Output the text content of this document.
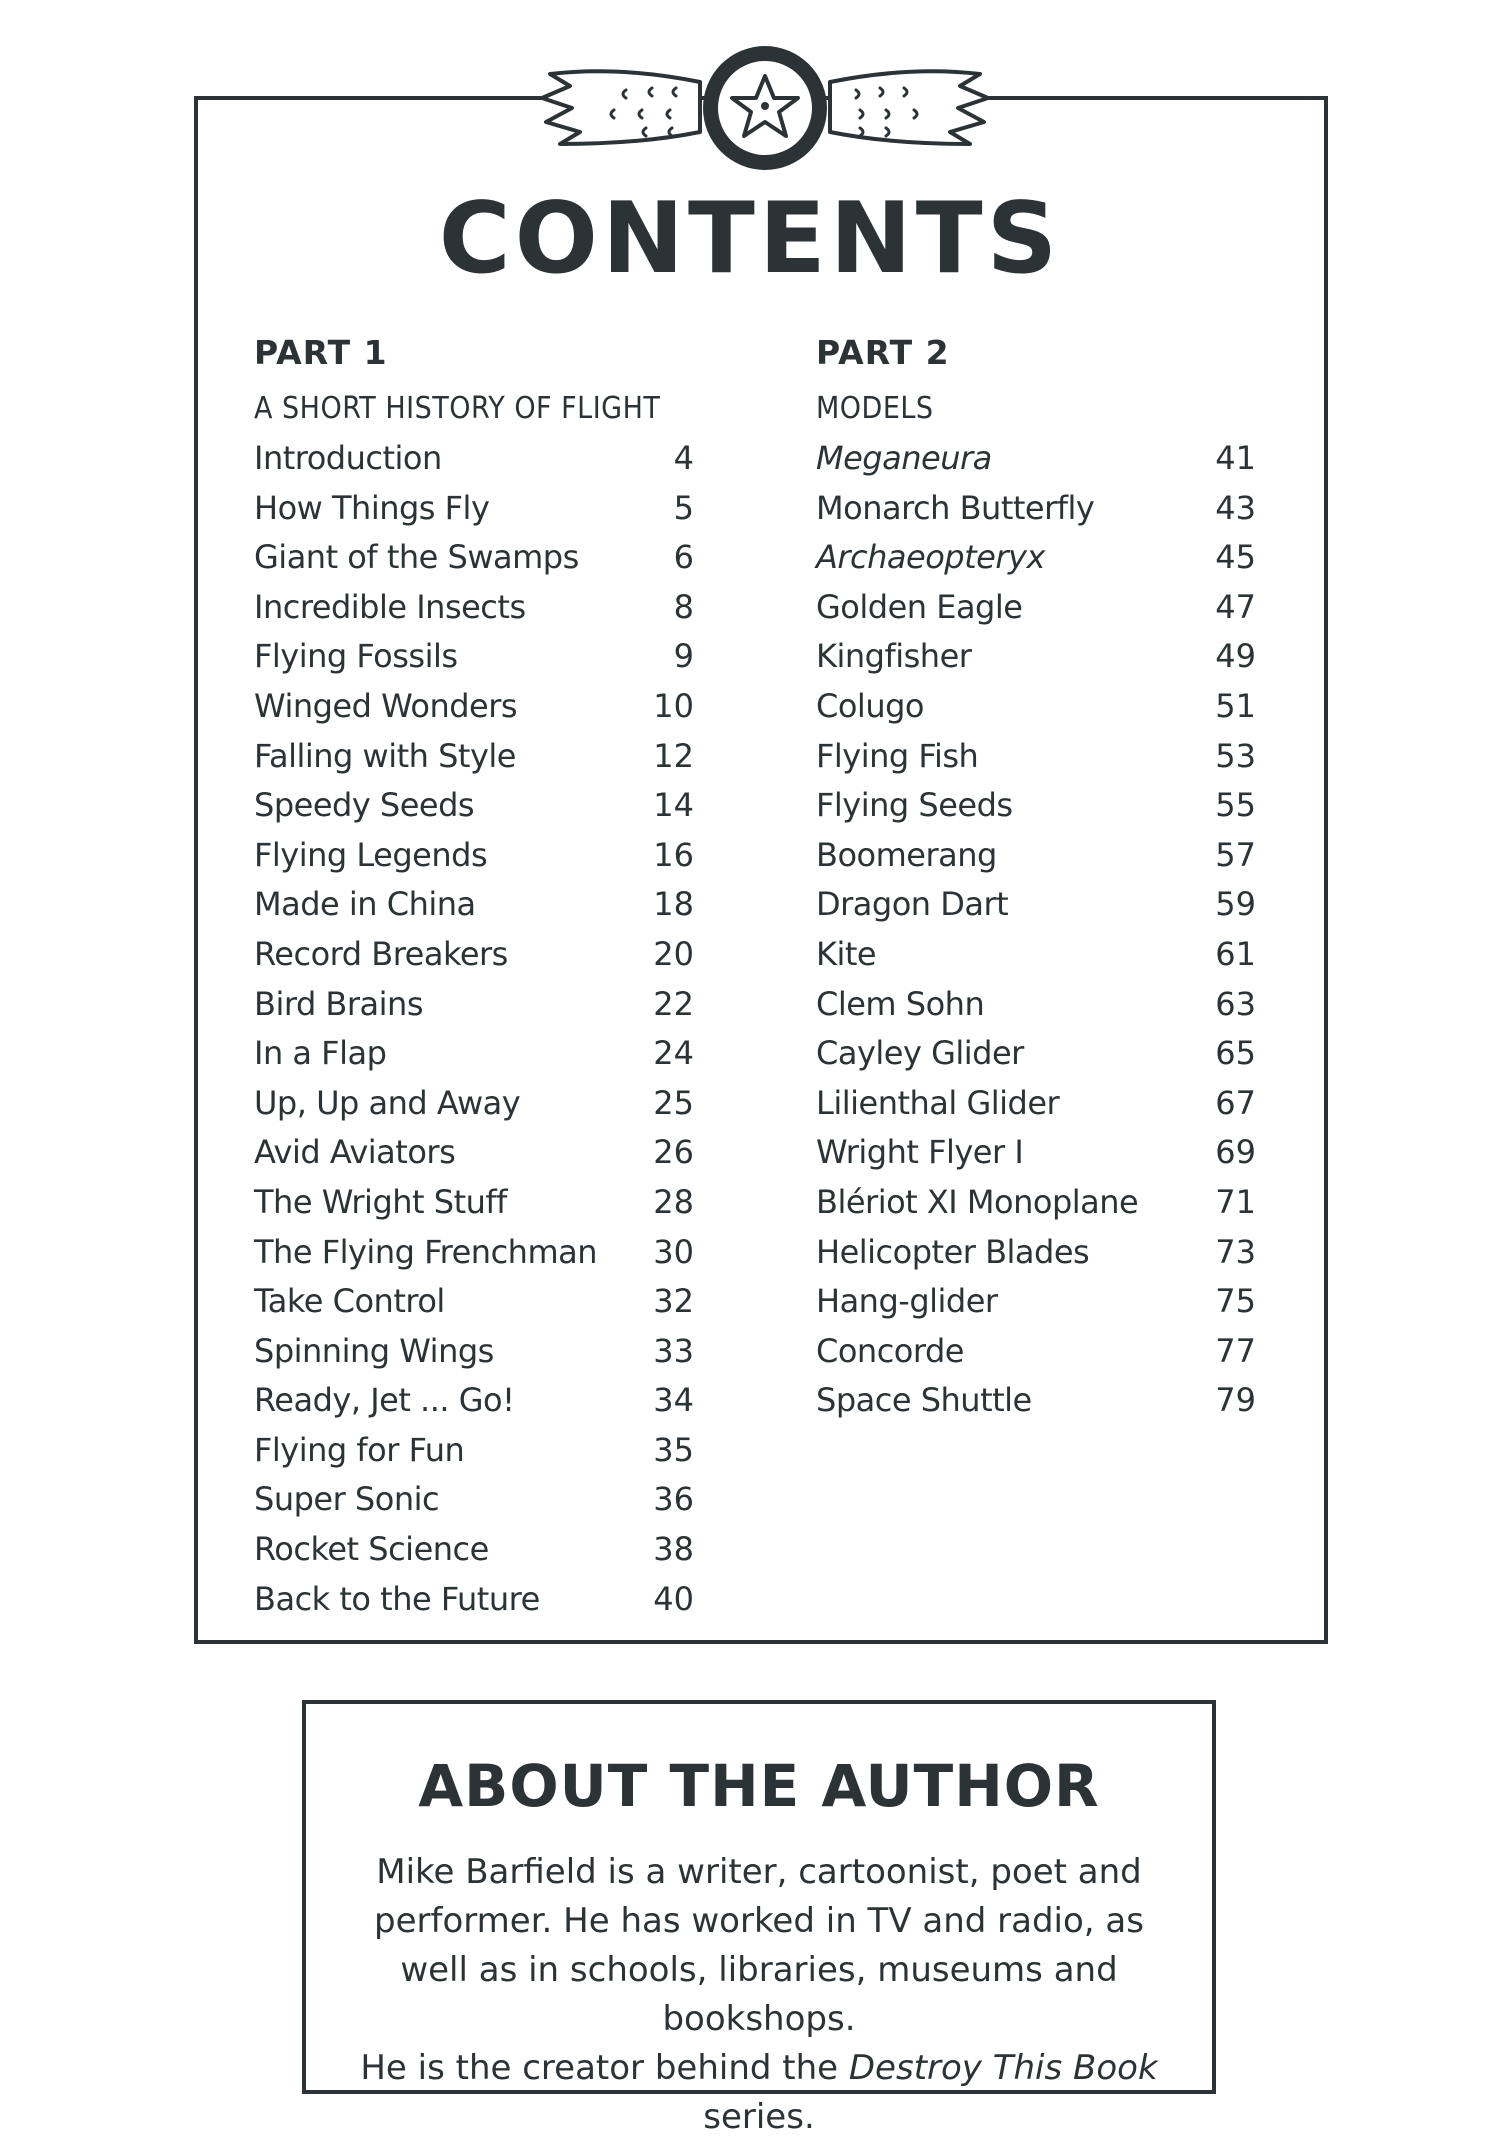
CONTENTS
PART 1
A SHORT HISTORY OF FLIGHT
Introduction	4
How Things Fly	5
Giant of the Swamps	6
Incredible Insects	8
Flying Fossils	9
Winged Wonders	10
Falling with Style	12
Speedy Seeds	14
Flying Legends	16
Made in China	18
Record Breakers	20
Bird Brains	22
In a Flap	24
Up, Up and Away	25
Avid Aviators	26
The Wright Stuff	28
The Flying Frenchman 30
Take Control	32
Spinning Wings	33
Ready, Jet ... Go!	34
Flying for Fun	35
Super Sonic	36
Rocket Science	38
Back to the Future	40
PART 2
MODELS
Meganeura	41
Monarch Butterfly	43
Archaeopteryx	45
Golden Eagle	47
Kingfisher	49
Colugo	51
Flying Fish	53
Flying Seeds	55
Boomerang	57
Dragon Dart	59
Kite	61
Clem Sohn	63
Cayley Glider	65
Lilienthal Glider	67
Wright Flyer I	69
Blériot XI Monoplane 71
Helicopter Blades	73
Hang-glider	75
Concorde	77
Space Shuttle	79
ABOUT THE AUTHOR
Mike Barfield is a writer, cartoonist, poet and
performer. He has worked in TV and radio, as
well as in schools, libraries, museums and bookshops.
He is the creator behind the Destroy This Book series.
